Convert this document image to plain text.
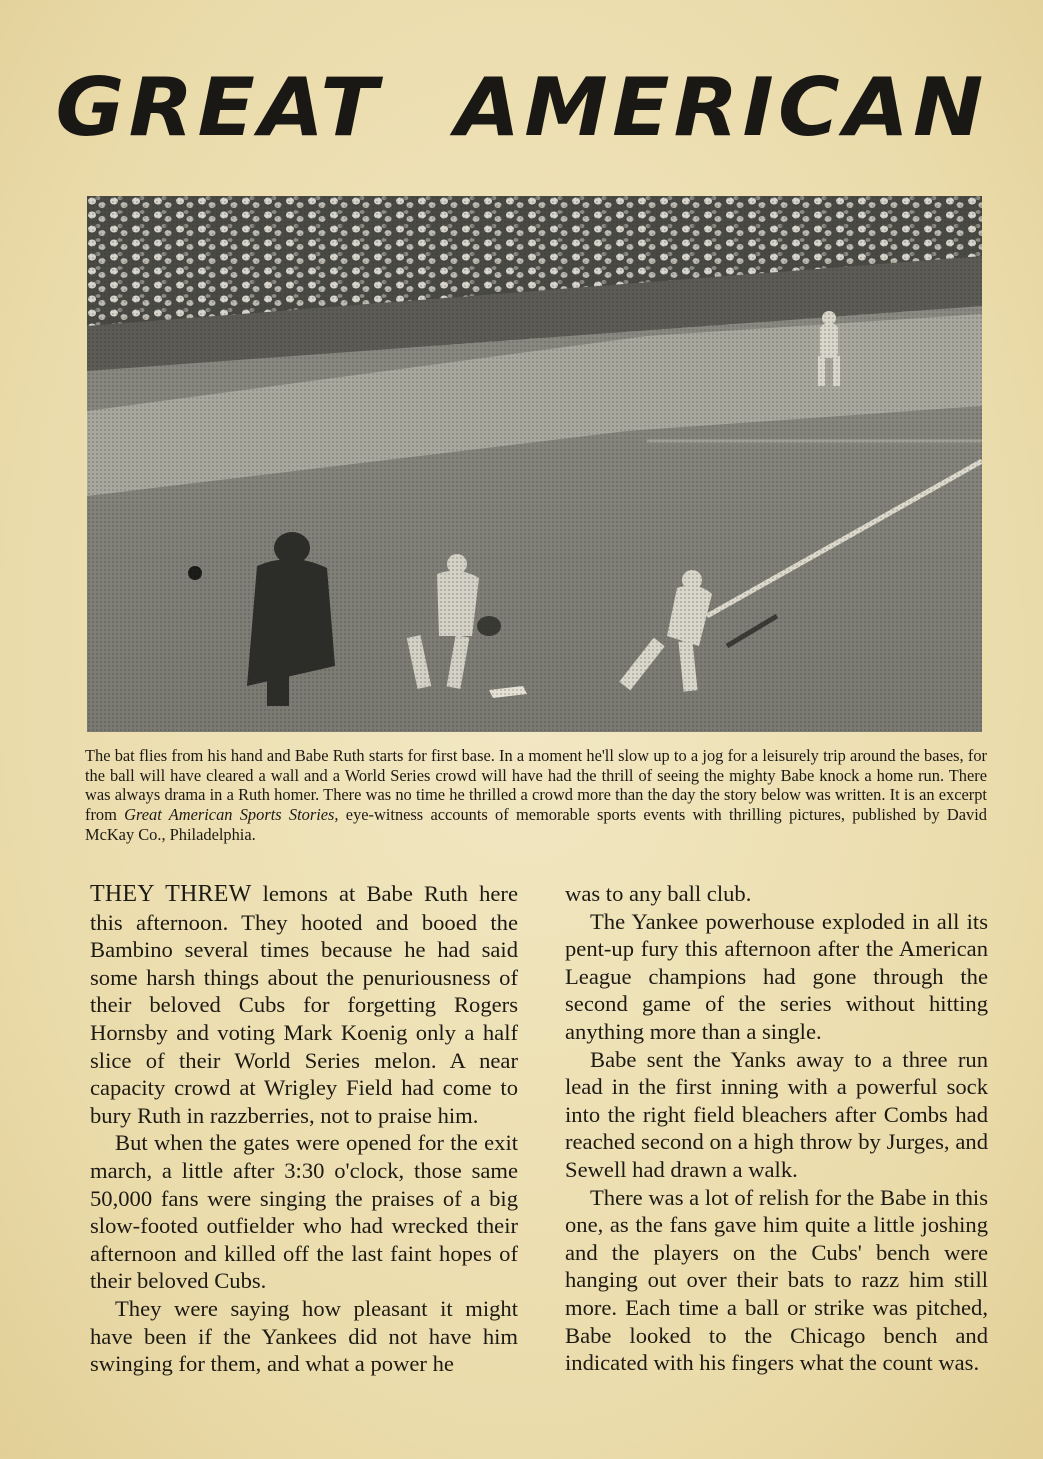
GREAT AMERICAN

The bat flies from his hand and Babe Ruth starts for first base. In a moment he'll slow up to a jog for a leisurely trip around the bases, for the ball will have cleared a wall and a World Series crowd will have had the thrill of seeing the mighty Babe knock a home run. There was always drama in a Ruth homer. There was no time he thrilled a crowd more than the day the story below was written. It is an excerpt from Great American Sports Stories, eye-witness accounts of memorable sports events with thrilling pictures, published by David McKay Co., Philadelphia.

THEY THREW lemons at Babe Ruth here this afternoon. They hooted and booed the Bambino several times because he had said some harsh things about the penuriousness of their beloved Cubs for forgetting Rogers Hornsby and voting Mark Koenig only a half slice of their World Series melon. A near capacity crowd at Wrigley Field had come to bury Ruth in razzberries, not to praise him.

But when the gates were opened for the exit march, a little after 3:30 o'clock, those same 50,000 fans were singing the praises of a big slow-footed outfielder who had wrecked their afternoon and killed off the last faint hopes of their beloved Cubs.

They were saying how pleasant it might have been if the Yankees did not have him swinging for them, and what a power he

was to any ball club.

The Yankee powerhouse exploded in all its pent-up fury this afternoon after the American League champions had gone through the second game of the series without hitting anything more than a single.

Babe sent the Yanks away to a three run lead in the first inning with a powerful sock into the right field bleachers after Combs had reached second on a high throw by Jurges, and Sewell had drawn a walk.

There was a lot of relish for the Babe in this one, as the fans gave him quite a little joshing and the players on the Cubs' bench were hanging out over their bats to razz him still more. Each time a ball or strike was pitched, Babe looked to the Chicago bench and indicated with his fingers what the count was.
